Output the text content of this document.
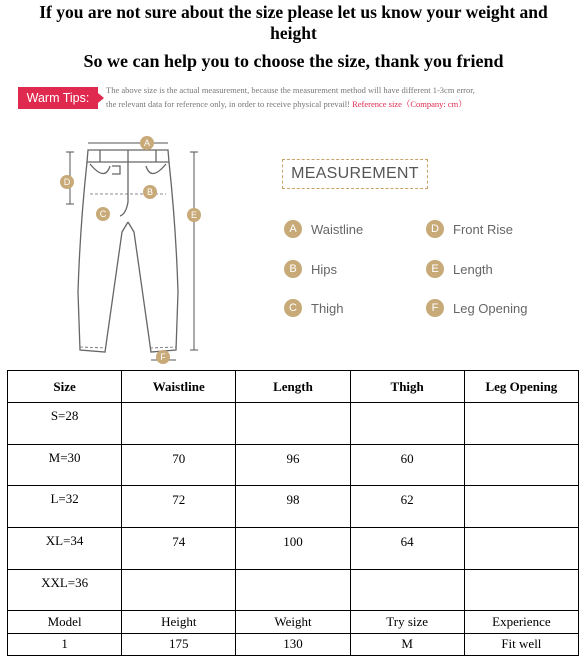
If you are not sure about the size please let us know your weight and height
So we can help you to choose the size, thank you friend
Warm Tips:
The above size is the actual measurement, because the measurement method will have different 1-3cm error,
the relevant data for reference only, in order to receive physical prevail! Reference size（Company: cm）
A
B
C
D
E
F
MEASUREMENT
A	Waistline	D	Front Rise
B	Hips	E	Length
C	Thigh	F	Leg Opening
Size	Waistline	Length	Thigh	Leg Opening
S=28				
M=30	70	96	60	
L=32	72	98	62	
XL=34	74	100	64	
XXL=36				
Model	Height	Weight	Try size	Experience
1	175	130	M	Fit well
